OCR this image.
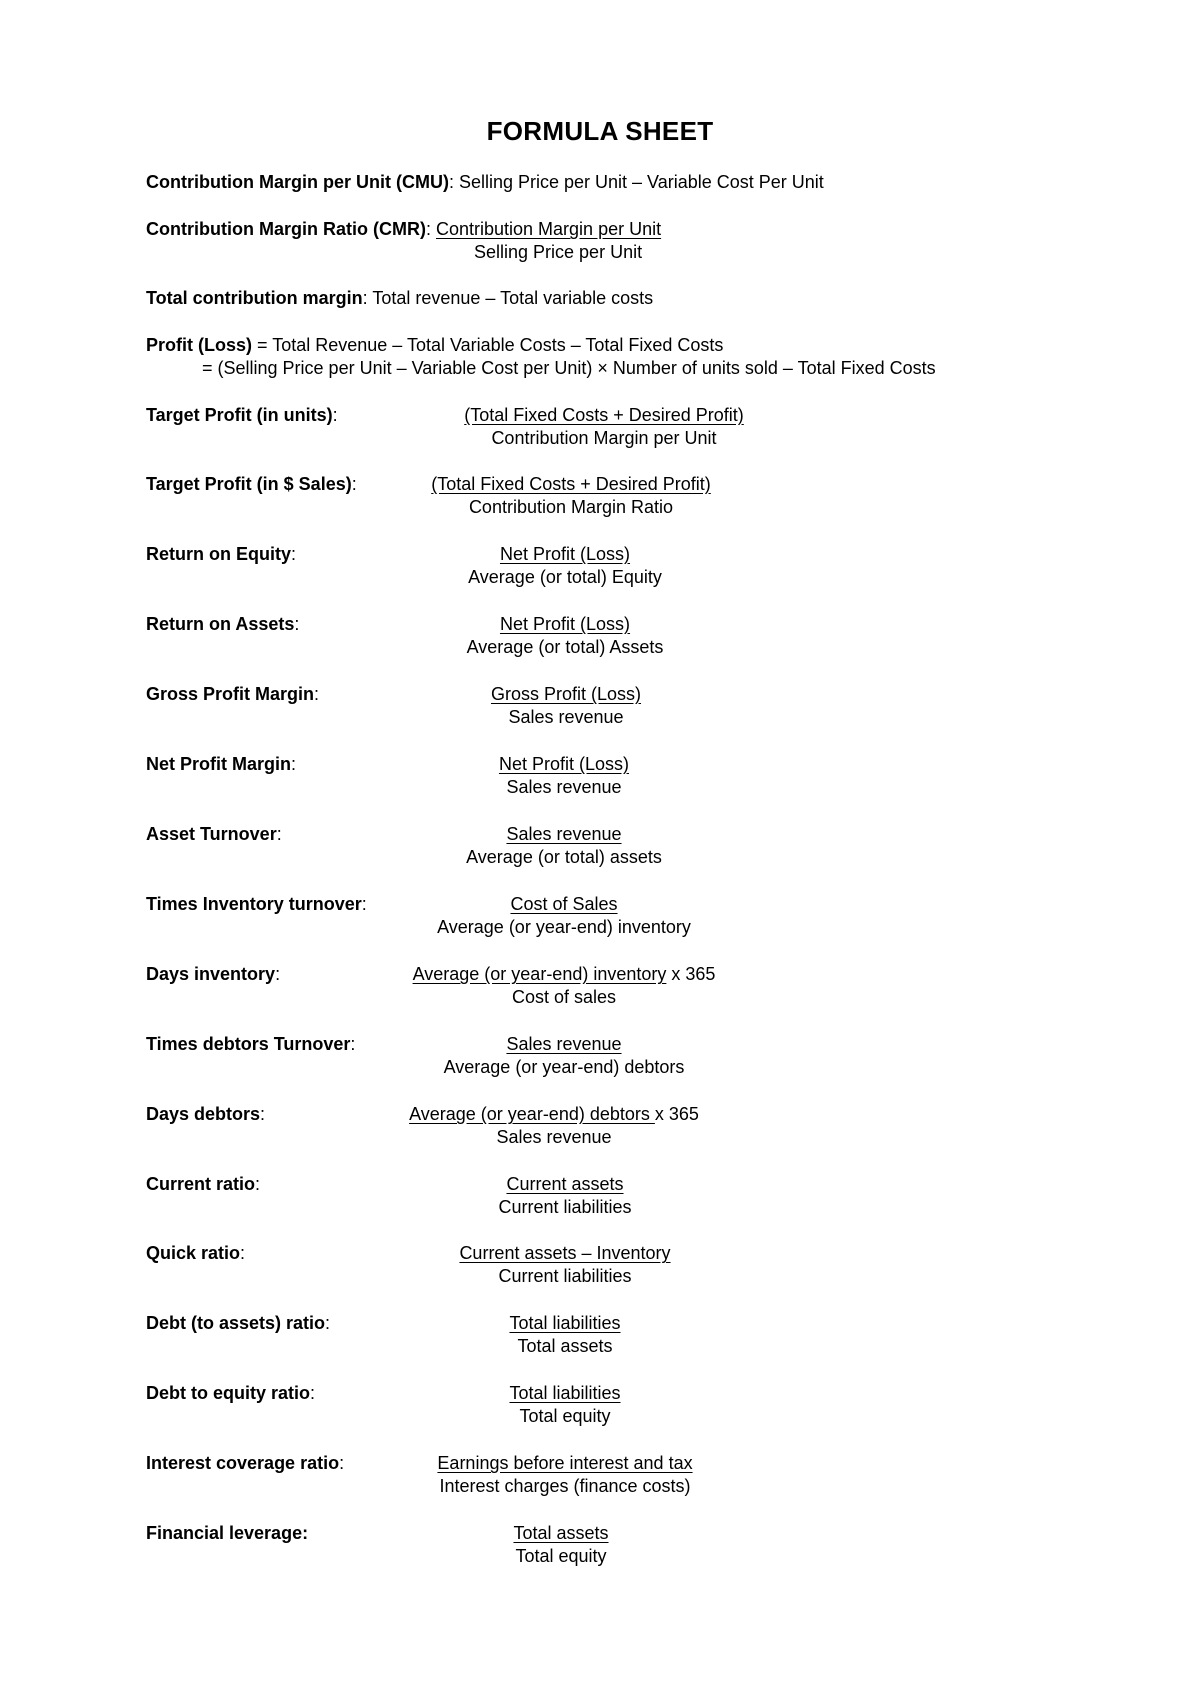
FORMULA SHEET
Contribution Margin per Unit (CMU): Selling Price per Unit – Variable Cost Per Unit
Contribution Margin Ratio (CMR): Contribution Margin per Unit
Selling Price per Unit
Total contribution margin: Total revenue – Total variable costs
Profit (Loss) = Total Revenue – Total Variable Costs – Total Fixed Costs
= (Selling Price per Unit – Variable Cost per Unit) × Number of units sold – Total Fixed Costs
Target Profit (in units):	(Total Fixed Costs + Desired Profit)
Contribution Margin per Unit
Target Profit (in $ Sales):	(Total Fixed Costs + Desired Profit)
Contribution Margin Ratio
Return on Equity:	Net Profit (Loss)
Average (or total) Equity
Return on Assets:	Net Profit (Loss)
Average (or total) Assets
Gross Profit Margin:	Gross Profit (Loss)
Sales revenue
Net Profit Margin:	Net Profit (Loss)
Sales revenue
Asset Turnover:	Sales revenue
Average (or total) assets
Times Inventory turnover:	Cost of Sales
Average (or year-end) inventory
Days inventory:	Average (or year-end) inventory x 365
Cost of sales
Times debtors Turnover:	Sales revenue
Average (or year-end) debtors
Days debtors:	Average (or year-end) debtors x 365
Sales revenue
Current ratio:	Current assets
Current liabilities
Quick ratio:	Current assets – Inventory
Current liabilities
Debt (to assets) ratio:	Total liabilities
Total assets
Debt to equity ratio:	Total liabilities
Total equity
Interest coverage ratio:	Earnings before interest and tax
Interest charges (finance costs)
Financial leverage:	Total assets
Total equity
